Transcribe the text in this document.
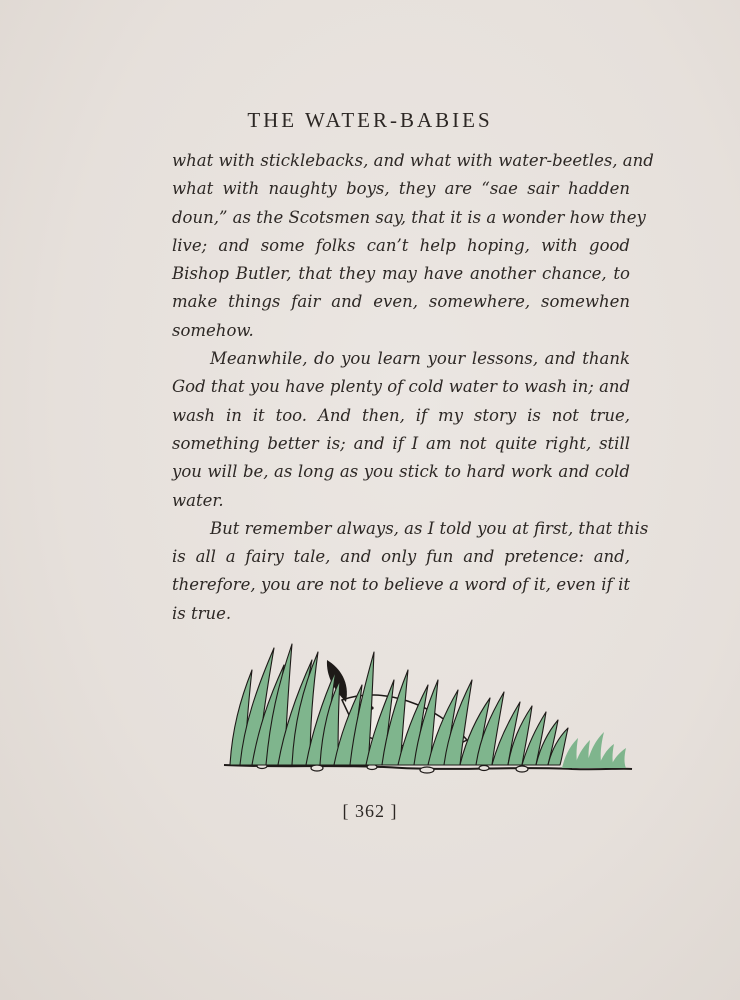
THE WATER-BABIES

what with sticklebacks, and what with water-beetles, and
what with naughty boys, they are “sae sair hadden
doun,” as the Scotsmen say, that it is a wonder how they
live; and some folks can’t help hoping, with good
Bishop Butler, that they may have another chance, to
make things fair and even, somewhere, somewhen
somehow.

Meanwhile, do you learn your lessons, and thank
God that you have plenty of cold water to wash in; and
wash in it too. And then, if my story is not true,
something better is; and if I am not quite right, still
you will be, as long as you stick to hard work and cold
water.

But remember always, as I told you at first, that this
is all a fairy tale, and only fun and pretence: and,
therefore, you are not to believe a word of it, even if it
is true.

[ 362 ]
